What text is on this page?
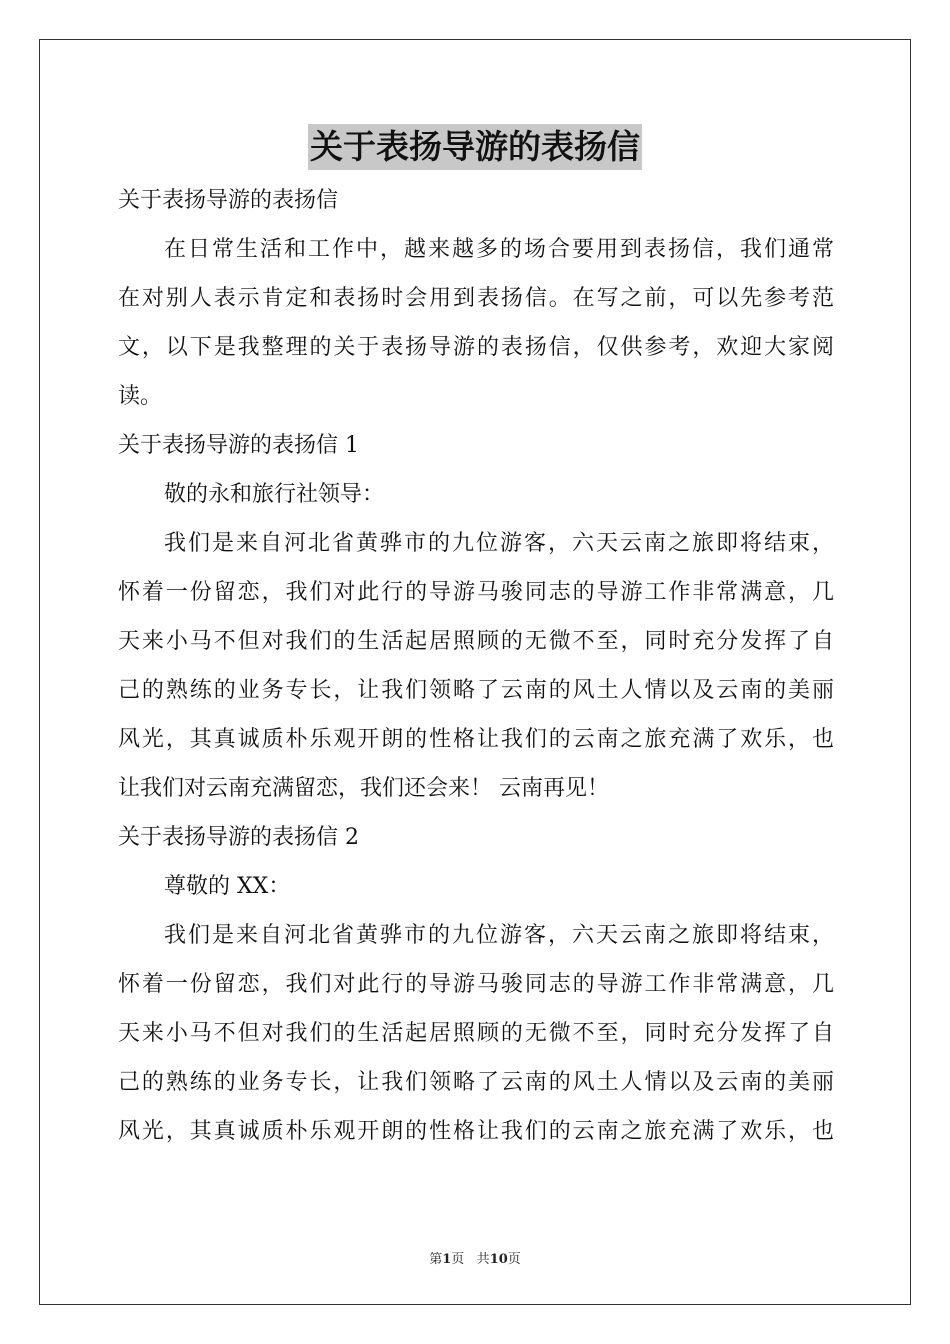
关于表扬导游的表扬信
关于表扬导游的表扬信
在日常生活和工作中，越来越多的场合要用到表扬信，我们通常
在对别人表示肯定和表扬时会用到表扬信。在写之前，可以先参考范
文，以下是我整理的关于表扬导游的表扬信，仅供参考，欢迎大家阅
读。
关于表扬导游的表扬信 1
敬的永和旅行社领导：
我们是来自河北省黄骅市的九位游客，六天云南之旅即将结束，
怀着一份留恋，我们对此行的导游马骏同志的导游工作非常满意，几
天来小马不但对我们的生活起居照顾的无微不至，同时充分发挥了自
己的熟练的业务专长，让我们领略了云南的风土人情以及云南的美丽
风光，其真诚质朴乐观开朗的性格让我们的云南之旅充满了欢乐，也
让我们对云南充满留恋，我们还会来！ 云南再见！
关于表扬导游的表扬信 2
尊敬的 XX：
我们是来自河北省黄骅市的九位游客，六天云南之旅即将结束，
怀着一份留恋，我们对此行的导游马骏同志的导游工作非常满意，几
天来小马不但对我们的生活起居照顾的无微不至，同时充分发挥了自
己的熟练的业务专长，让我们领略了云南的风土人情以及云南的美丽
风光，其真诚质朴乐观开朗的性格让我们的云南之旅充满了欢乐，也
第1页 共10页
